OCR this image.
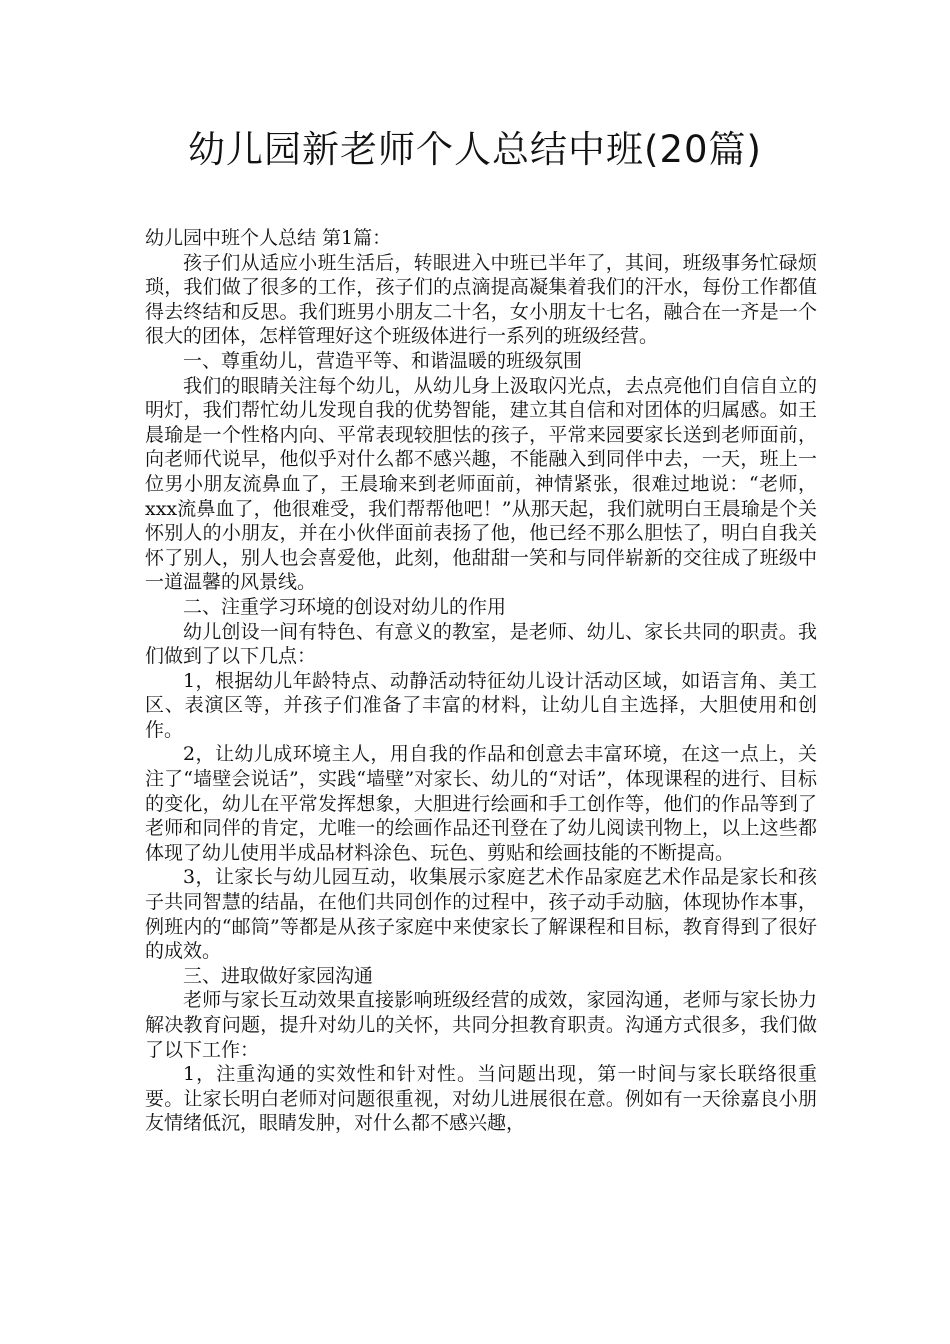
幼儿园新老师个人总结中班(20篇)

幼儿园中班个人总结 第1篇：

孩子们从适应小班生活后，转眼进入中班已半年了，其间，班级事务忙碌烦琐，我们做了很多的工作，孩子们的点滴提高凝集着我们的汗水，每份工作都值得去终结和反思。我们班男小朋友二十名，女小朋友十七名，融合在一齐是一个很大的团体，怎样管理好这个班级体进行一系列的班级经营。

一、尊重幼儿，营造平等、和谐温暖的班级氛围

我们的眼睛关注每个幼儿，从幼儿身上汲取闪光点，去点亮他们自信自立的明灯，我们帮忙幼儿发现自我的优势智能，建立其自信和对团体的归属感。如王晨瑜是一个性格内向、平常表现较胆怯的孩子，平常来园要家长送到老师面前，向老师代说早，他似乎对什么都不感兴趣，不能融入到同伴中去，一天，班上一位男小朋友流鼻血了，王晨瑜来到老师面前，神情紧张，很难过地说：“老师，xxx流鼻血了，他很难受，我们帮帮他吧！”从那天起，我们就明白王晨瑜是个关怀别人的小朋友，并在小伙伴面前表扬了他，他已经不那么胆怯了，明白自我关怀了别人，别人也会喜爱他，此刻，他甜甜一笑和与同伴崭新的交往成了班级中一道温馨的风景线。

二、注重学习环境的创设对幼儿的作用

幼儿创设一间有特色、有意义的教室，是老师、幼儿、家长共同的职责。我们做到了以下几点：

1，根据幼儿年龄特点、动静活动特征幼儿设计活动区域，如语言角、美工区、表演区等，并孩子们准备了丰富的材料，让幼儿自主选择，大胆使用和创作。

2，让幼儿成环境主人，用自我的作品和创意去丰富环境，在这一点上，关注了“墙壁会说话”，实践“墙壁”对家长、幼儿的“对话”，体现课程的进行、目标的变化，幼儿在平常发挥想象，大胆进行绘画和手工创作等，他们的作品等到了老师和同伴的肯定，尤唯一的绘画作品还刊登在了幼儿阅读刊物上，以上这些都体现了幼儿使用半成品材料涂色、玩色、剪贴和绘画技能的不断提高。

3，让家长与幼儿园互动，收集展示家庭艺术作品家庭艺术作品是家长和孩子共同智慧的结晶，在他们共同创作的过程中，孩子动手动脑，体现协作本事，例班内的“邮筒”等都是从孩子家庭中来使家长了解课程和目标，教育得到了很好的成效。

三、进取做好家园沟通

老师与家长互动效果直接影响班级经营的成效，家园沟通，老师与家长协力解决教育问题，提升对幼儿的关怀，共同分担教育职责。沟通方式很多，我们做了以下工作：

1，注重沟通的实效性和针对性。当问题出现，第一时间与家长联络很重要。让家长明白老师对问题很重视，对幼儿进展很在意。例如有一天徐嘉良小朋友情绪低沉，眼睛发肿，对什么都不感兴趣，
